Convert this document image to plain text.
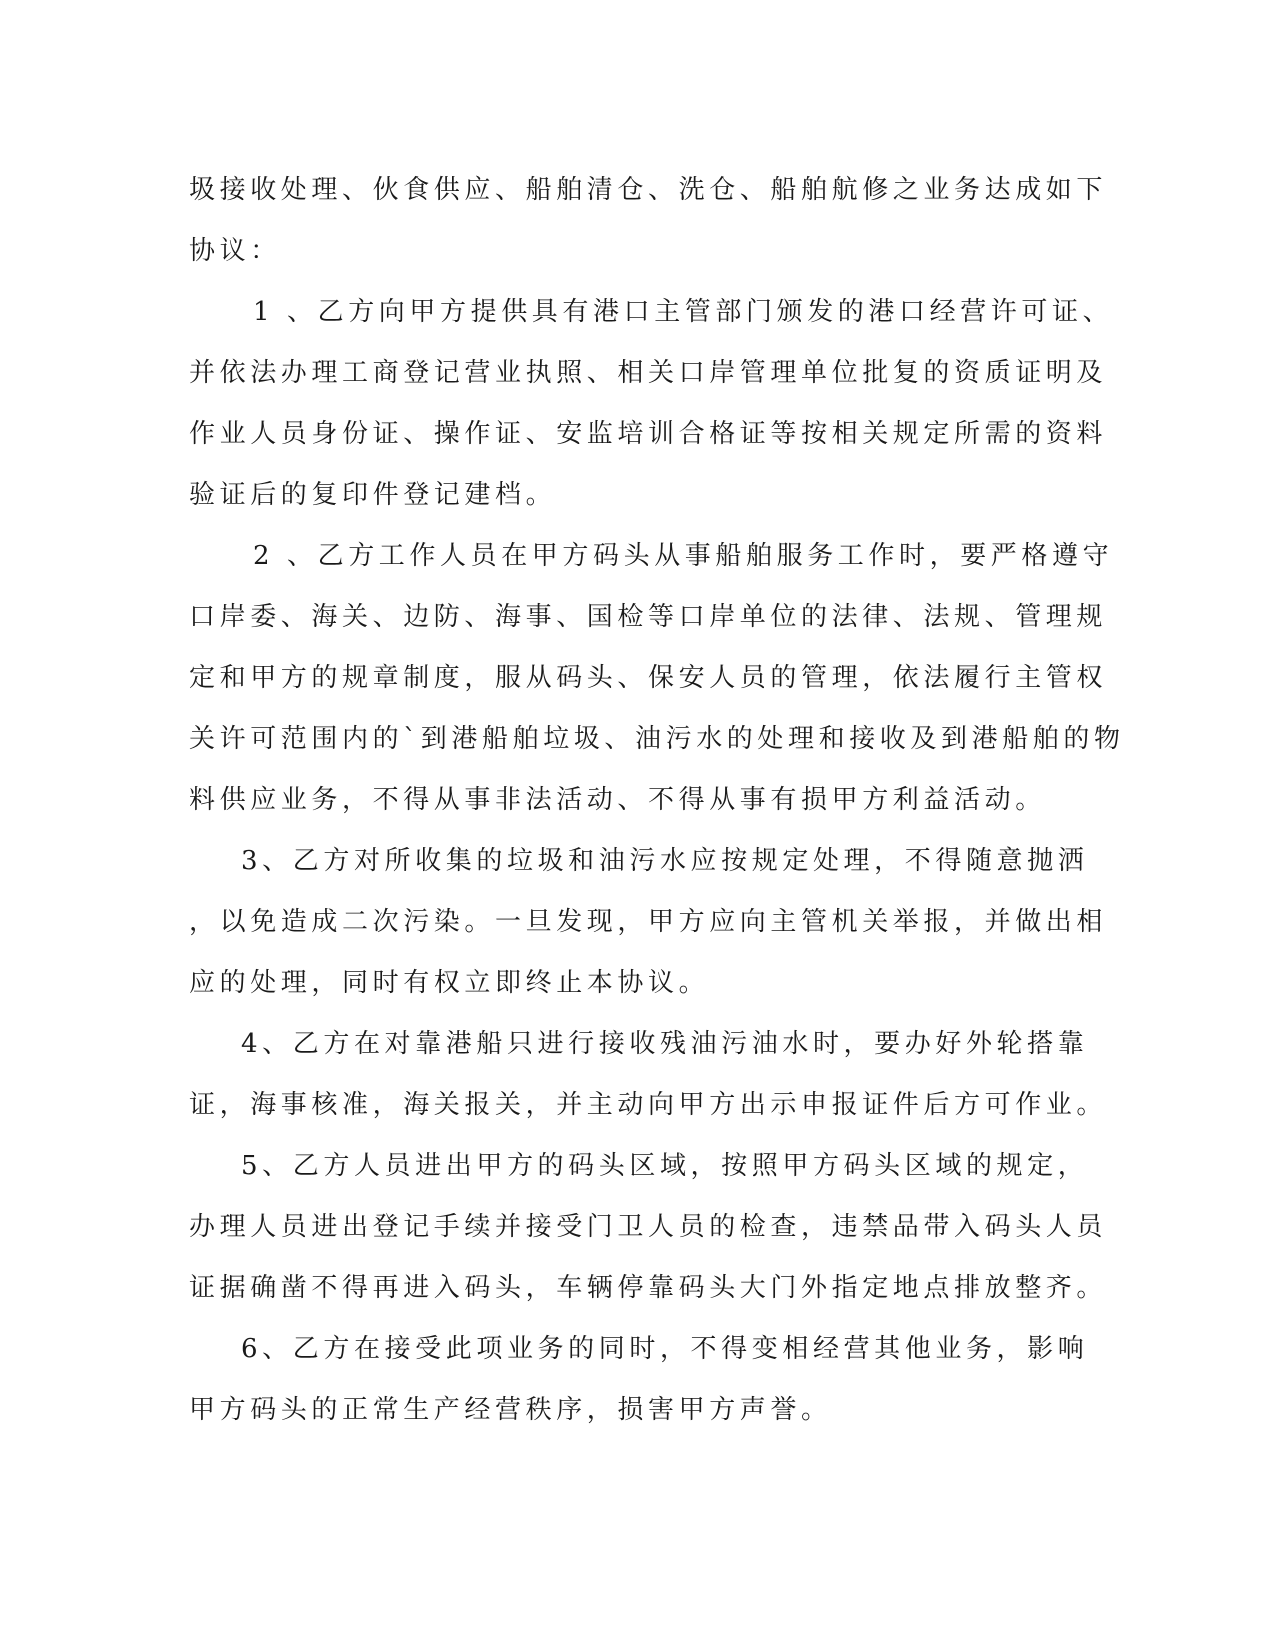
圾接收处理、伙食供应、船舶清仓、洗仓、船舶航修之业务达成如下
协议：
1 、乙方向甲方提供具有港口主管部门颁发的港口经营许可证、
并依法办理工商登记营业执照、相关口岸管理单位批复的资质证明及
作业人员身份证、操作证、安监培训合格证等按相关规定所需的资料
验证后的复印件登记建档。
2 、乙方工作人员在甲方码头从事船舶服务工作时，要严格遵守
口岸委、海关、边防、海事、国检等口岸单位的法律、法规、管理规
定和甲方的规章制度，服从码头、保安人员的管理，依法履行主管权
关许可范围内的`到港船舶垃圾、油污水的处理和接收及到港船舶的物
料供应业务，不得从事非法活动、不得从事有损甲方利益活动。
3、乙方对所收集的垃圾和油污水应按规定处理，不得随意抛洒
，以免造成二次污染。一旦发现，甲方应向主管机关举报，并做出相
应的处理，同时有权立即终止本协议。
4、乙方在对靠港船只进行接收残油污油水时，要办好外轮搭靠
证，海事核准，海关报关，并主动向甲方出示申报证件后方可作业。
5、乙方人员进出甲方的码头区域，按照甲方码头区域的规定，
办理人员进出登记手续并接受门卫人员的检查，违禁品带入码头人员
证据确凿不得再进入码头，车辆停靠码头大门外指定地点排放整齐。
6、乙方在接受此项业务的同时，不得变相经营其他业务，影响
甲方码头的正常生产经营秩序，损害甲方声誉。
